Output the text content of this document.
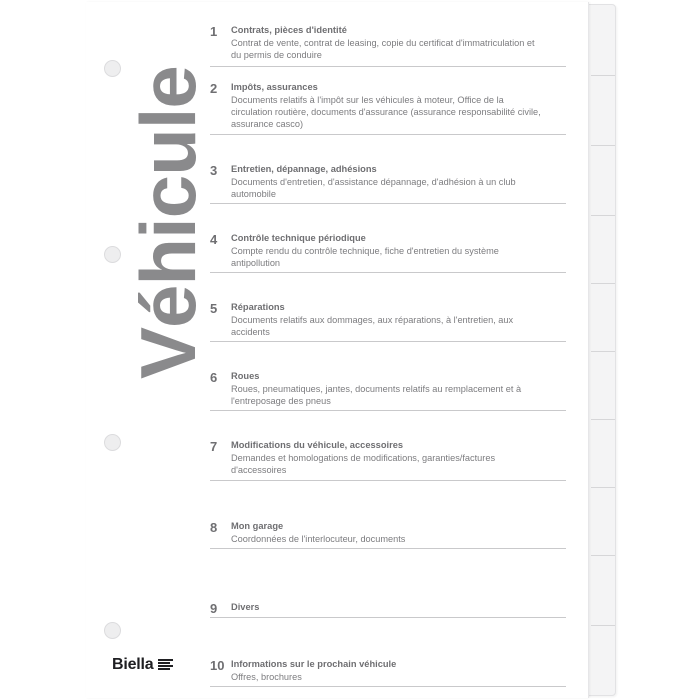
Véhicule
1 Contrats, pièces d'identité
Contrat de vente, contrat de leasing, copie du certificat d'immatriculation et du permis de conduire
2 Impôts, assurances
Documents relatifs à l'impôt sur les véhicules à moteur, Office de la circulation routière, documents d'assurance (assurance responsabilité civile, assurance casco)
3 Entretien, dépannage, adhésions
Documents d'entretien, d'assistance dépannage, d'adhésion à un club automobile
4 Contrôle technique périodique
Compte rendu du contrôle technique, fiche d'entretien du système antipollution
5 Réparations
Documents relatifs aux dommages, aux réparations, à l'entretien, aux accidents
6 Roues
Roues, pneumatiques, jantes, documents relatifs au remplacement et à l'entreposage des pneus
7 Modifications du véhicule, accessoires
Demandes et homologations de modifications, garanties/factures d'accessoires
8 Mon garage
Coordonnées de l'interlocuteur, documents
9 Divers
10 Informations sur le prochain véhicule
Offres, brochures
Biella
